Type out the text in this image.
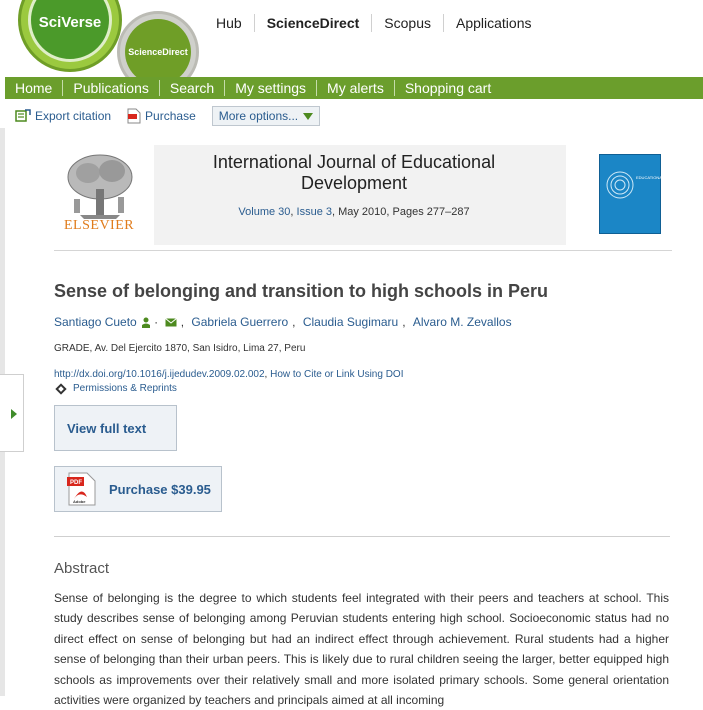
SciVerse
ScienceDirect
Hub	ScienceDirect	Scopus	Applications
Home	Publications	Search	My settings	My alerts	Shopping cart
Export citation	Purchase More options...
ELSEVIER
International Journal of Educational Development
Volume 30, Issue 3, May 2010, Pages 277–287
EDUCATIONAL DEVELOPMENT
Sense of belonging and transition to high schools in Peru
Santiago Cueto · , Gabriela Guerrero , Claudia Sugimaru , Alvaro M. Zevallos
GRADE, Av. Del Ejercito 1870, San Isidro, Lima 27, Peru
http://dx.doi.org/10.1016/j.ijedudev.2009.02.002, How to Cite or Link Using DOI
Permissions & Reprints
View full text
PDF
Adobe
Purchase $39.95
Abstract
Sense of belonging is the degree to which students feel integrated with their peers and teachers at school. This study describes sense of belonging among Peruvian students entering high school. Socioeconomic status had no direct effect on sense of belonging but had an indirect effect through achievement. Rural students had a higher sense of belonging than their urban peers. This is likely due to rural children seeing the larger, better equipped high schools as improvements over their relatively small and more isolated primary schools. Some general orientation activities were organized by teachers and principals aimed at all incoming
